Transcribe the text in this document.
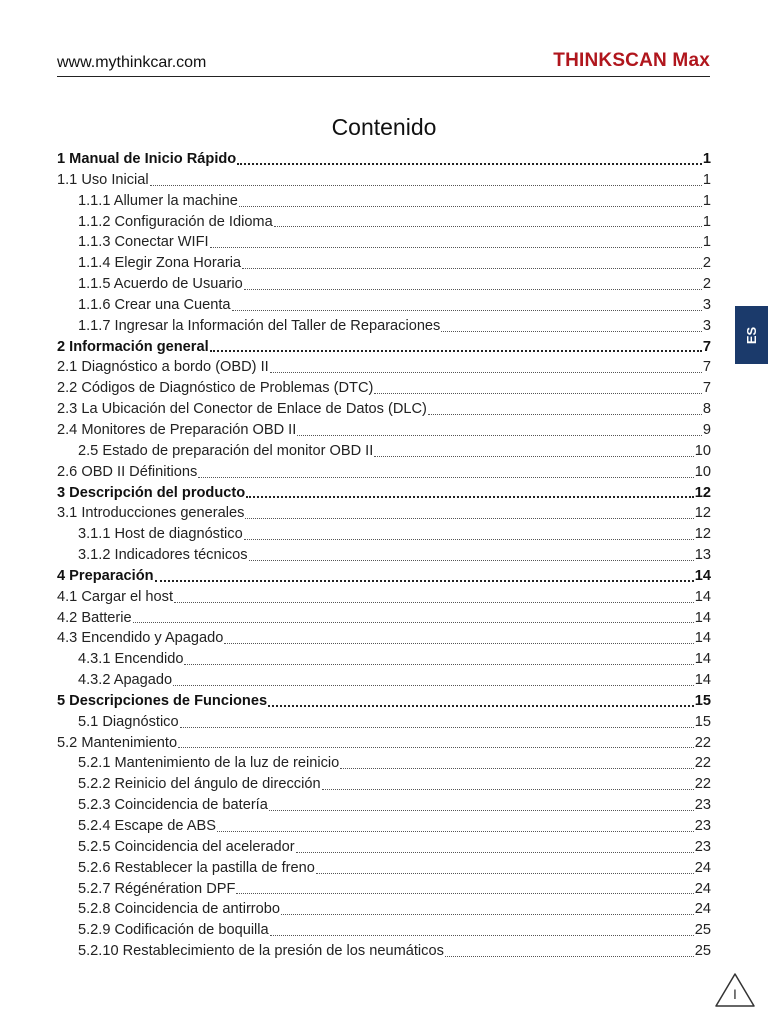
www.mythinkcar.com	THINKSCAN Max
Contenido
1 Manual de Inicio Rápido	1
1.1 Uso Inicial	1
1.1.1 Allumer la machine	1
1.1.2 Configuración de Idioma	1
1.1.3 Conectar WIFI	1
1.1.4 Elegir Zona Horaria	2
1.1.5 Acuerdo de Usuario	2
1.1.6 Crear una Cuenta	3
1.1.7 Ingresar la Información del Taller de Reparaciones	3
2 Información general	7
2.1 Diagnóstico a bordo (OBD) II	7
2.2 Códigos de Diagnóstico de Problemas (DTC)	7
2.3 La Ubicación del Conector de Enlace de Datos (DLC)	8
2.4 Monitores de Preparación OBD II	9
2.5 Estado de preparación del monitor OBD II	10
2.6 OBD II Définitions	10
3 Descripción del producto	12
3.1 Introducciones generales	12
3.1.1 Host de diagnóstico	12
3.1.2 Indicadores técnicos	13
4 Preparación	14
4.1 Cargar el host	14
4.2 Batterie	14
4.3 Encendido y Apagado	14
4.3.1 Encendido	14
4.3.2 Apagado	14
5 Descripciones de Funciones	15
5.1 Diagnóstico	15
5.2 Mantenimiento	22
5.2.1 Mantenimiento de la luz de reinicio	22
5.2.2 Reinicio del ángulo de dirección	22
5.2.3 Coincidencia de batería	23
5.2.4 Escape de ABS	23
5.2.5 Coincidencia del acelerador	23
5.2.6 Restablecer la pastilla de freno	24
5.2.7 Régénération DPF	24
5.2.8 Coincidencia de antirrobo	24
5.2.9 Codificación de boquilla	25
5.2.10 Restablecimiento de la presión de los neumáticos	25
ES
I
